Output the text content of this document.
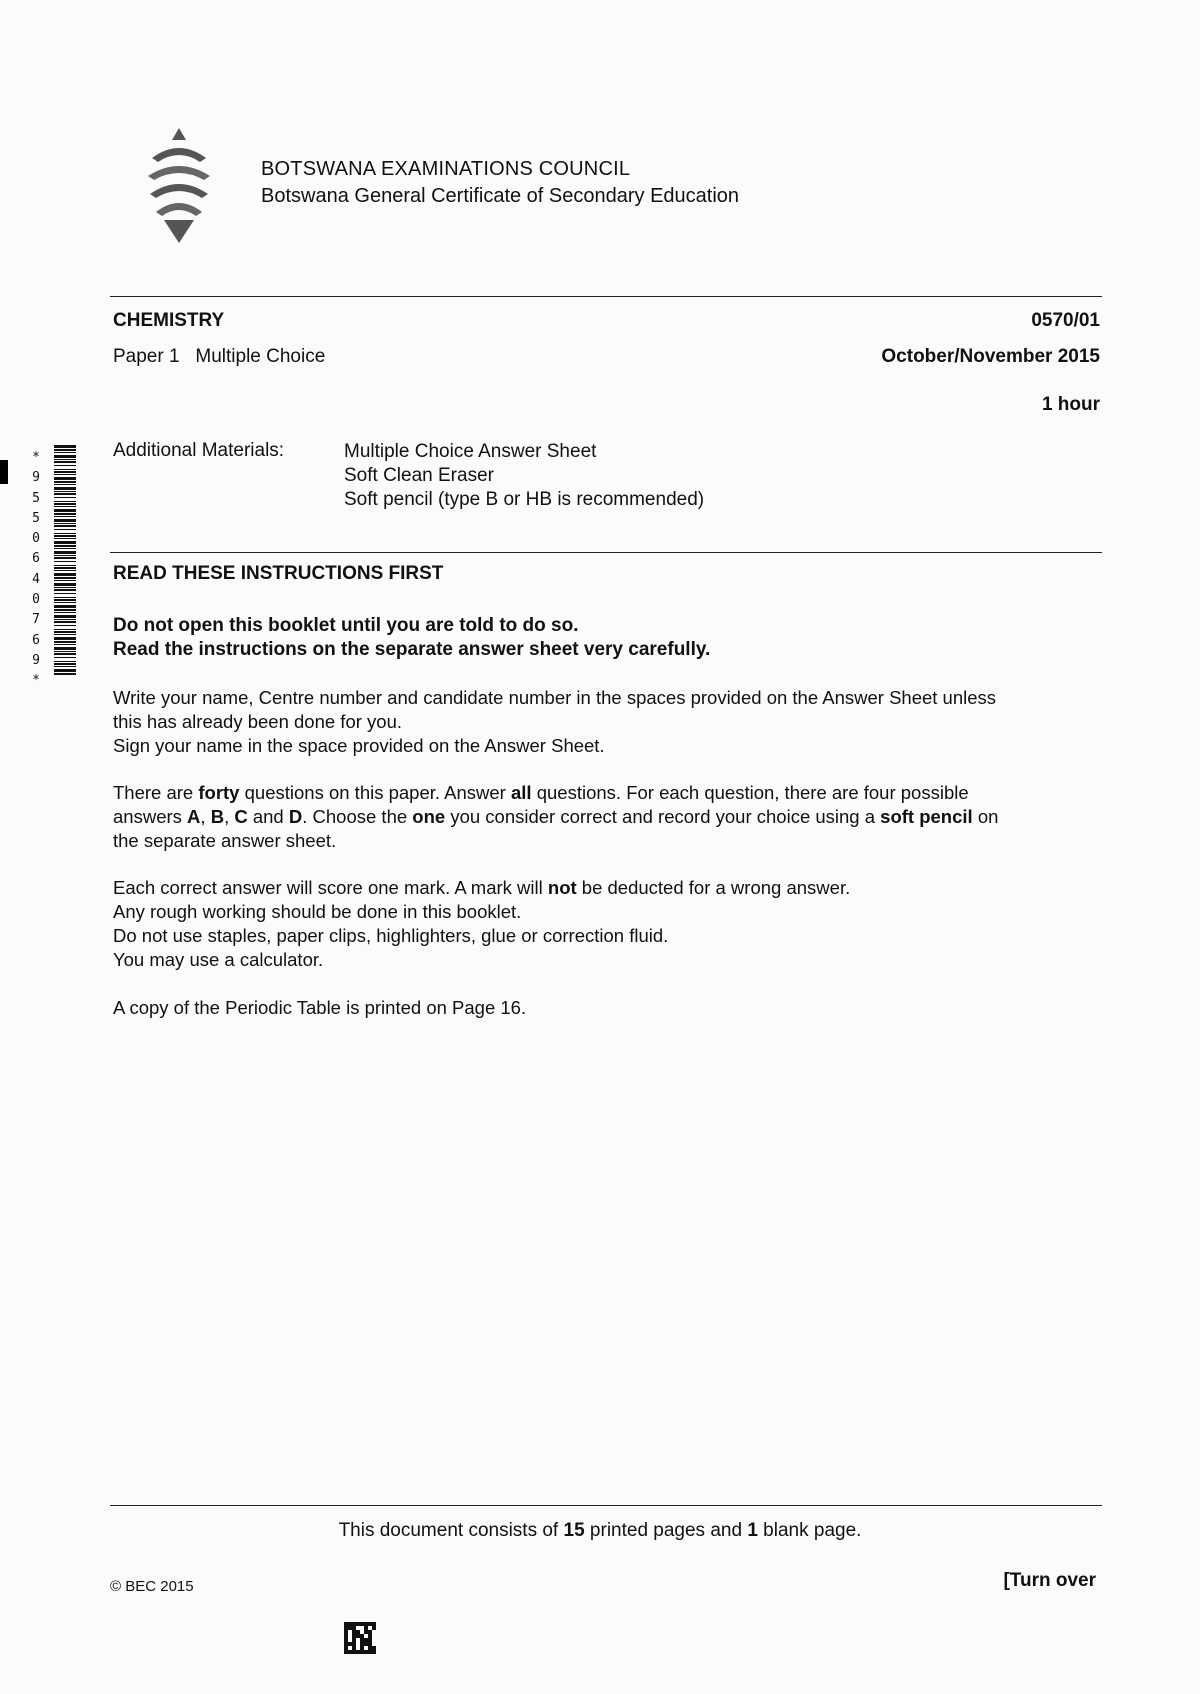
BOTSWANA EXAMINATIONS COUNCIL
Botswana General Certificate of Secondary Education
CHEMISTRY	0570/01
Paper 1   Multiple Choice	October/November 2015
1 hour
Additional Materials:	Multiple Choice Answer Sheet
Soft Clean Eraser
Soft pencil (type B or HB is recommended)
*
9
5
5
0
6
4
0
7
6
9
*
READ THESE INSTRUCTIONS FIRST
Do not open this booklet until you are told to do so.
Read the instructions on the separate answer sheet very carefully.

Write your name, Centre number and candidate number in the spaces provided on the Answer Sheet unless

this has already been done for you.

Sign your name in the space provided on the Answer Sheet.

There are forty questions on this paper. Answer all questions. For each question, there are four possible

answers A, B, C and D. Choose the one you consider correct and record your choice using a soft pencil on

the separate answer sheet.

Each correct answer will score one mark. A mark will not be deducted for a wrong answer.

Any rough working should be done in this booklet.

Do not use staples, paper clips, highlighters, glue or correction fluid.

You may use a calculator.

A copy of the Periodic Table is printed on Page 16.
This document consists of 15 printed pages and 1 blank page.
© BEC 2015	[Turn over
